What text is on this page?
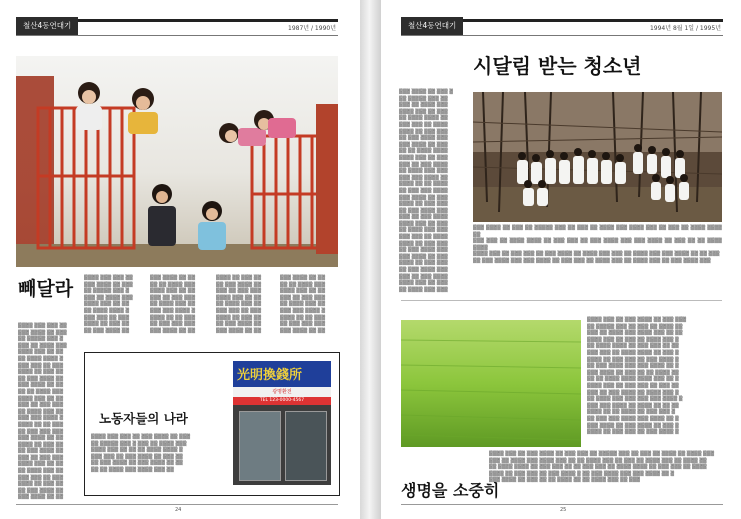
철산4동연대기	1987년 / 1990년
빼달라
▒▒▒▒ ▒▒▒ ▒▒▒ ▒▒
▒▒▒ ▒▒▒▒ ▒▒ ▒▒▒
▒▒ ▒▒▒▒▒ ▒▒▒ ▒
▒▒▒ ▒▒ ▒▒▒▒ ▒▒▒
▒▒▒▒ ▒▒▒ ▒▒ ▒▒
▒▒ ▒▒▒▒ ▒▒▒▒ ▒
▒▒▒ ▒▒▒ ▒▒ ▒▒▒
▒▒▒▒ ▒▒ ▒▒▒ ▒▒
▒▒ ▒▒▒ ▒▒▒▒ ▒▒
▒▒▒ ▒▒▒▒ ▒▒ ▒▒
▒▒ ▒▒ ▒▒▒▒ ▒▒▒
▒▒▒▒ ▒▒▒ ▒▒ ▒▒
▒▒▒ ▒▒ ▒▒▒ ▒▒▒
▒▒ ▒▒▒▒ ▒▒▒ ▒▒
▒▒▒ ▒▒▒ ▒▒▒▒ ▒
▒▒▒▒ ▒▒ ▒▒ ▒▒▒
▒▒ ▒▒▒ ▒▒▒ ▒▒▒
▒▒▒ ▒▒▒▒ ▒▒ ▒▒
▒▒▒▒ ▒▒ ▒▒▒ ▒▒
▒▒ ▒▒▒ ▒▒▒▒ ▒▒
▒▒▒ ▒▒ ▒▒▒ ▒▒▒
▒▒▒▒ ▒▒▒ ▒▒ ▒▒
▒▒ ▒▒▒▒ ▒▒▒ ▒▒
▒▒▒ ▒▒▒ ▒▒ ▒▒▒
▒▒▒▒ ▒▒ ▒▒▒ ▒▒
▒▒ ▒▒▒ ▒▒▒▒ ▒▒
▒▒▒ ▒▒▒▒ ▒▒ ▒▒
▒▒▒▒ ▒▒▒ ▒▒▒ ▒▒
▒▒▒ ▒▒▒▒ ▒▒ ▒▒▒
▒▒ ▒▒▒▒▒ ▒▒▒ ▒
▒▒▒ ▒▒ ▒▒▒▒ ▒▒▒
▒▒▒▒ ▒▒▒ ▒▒ ▒▒
▒▒ ▒▒▒▒ ▒▒▒▒ ▒
▒▒▒ ▒▒▒ ▒▒ ▒▒▒
▒▒▒▒ ▒▒ ▒▒▒ ▒▒
▒▒ ▒▒▒ ▒▒▒▒ ▒▒
▒▒▒ ▒▒▒▒ ▒▒ ▒▒
▒▒ ▒▒ ▒▒▒▒ ▒▒▒
▒▒▒▒ ▒▒▒ ▒▒ ▒▒
▒▒▒ ▒▒ ▒▒▒ ▒▒▒
▒▒ ▒▒▒▒ ▒▒▒ ▒▒
▒▒▒ ▒▒▒ ▒▒▒▒ ▒
▒▒▒▒ ▒▒ ▒▒ ▒▒▒
▒▒ ▒▒▒ ▒▒▒ ▒▒▒
▒▒▒ ▒▒▒▒ ▒▒ ▒▒
▒▒▒▒ ▒▒ ▒▒▒ ▒▒
▒▒ ▒▒▒ ▒▒▒▒ ▒▒
▒▒▒ ▒▒ ▒▒▒ ▒▒▒
▒▒▒▒ ▒▒▒ ▒▒ ▒▒
▒▒ ▒▒▒▒ ▒▒▒ ▒▒
▒▒▒ ▒▒▒ ▒▒ ▒▒▒
▒▒▒▒ ▒▒ ▒▒▒ ▒▒
▒▒ ▒▒▒ ▒▒▒▒ ▒▒
▒▒▒ ▒▒▒▒ ▒▒ ▒▒
▒▒▒ ▒▒▒▒ ▒▒ ▒▒
▒▒ ▒▒ ▒▒▒▒ ▒▒▒
▒▒▒▒ ▒▒▒ ▒▒ ▒▒
▒▒▒ ▒▒ ▒▒▒ ▒▒▒
▒▒ ▒▒▒▒ ▒▒▒ ▒▒
▒▒▒ ▒▒▒ ▒▒▒▒ ▒
▒▒▒▒ ▒▒ ▒▒ ▒▒▒
▒▒ ▒▒▒ ▒▒▒ ▒▒▒
▒▒▒ ▒▒▒▒ ▒▒ ▒▒
노동자들의 나라
▒▒▒▒ ▒▒▒ ▒▒▒ ▒▒ ▒▒▒ ▒▒▒▒ ▒▒ ▒▒▒
▒▒ ▒▒▒▒▒ ▒▒▒ ▒ ▒▒▒ ▒▒ ▒▒▒▒ ▒▒▒
▒▒▒▒ ▒▒▒ ▒▒ ▒▒ ▒▒ ▒▒▒▒ ▒▒▒▒ ▒
▒▒▒ ▒▒▒ ▒▒ ▒▒▒ ▒▒▒▒ ▒▒ ▒▒▒ ▒▒
▒▒ ▒▒▒ ▒▒▒▒ ▒▒ ▒▒▒ ▒▒▒▒ ▒▒ ▒▒
▒▒ ▒▒ ▒▒▒▒ ▒▒▒ ▒▒▒▒ ▒▒▒ ▒▒
光明換錢所
광명환전
TEL 123-0000-4567
24
철산4동연대기	1994년 8월 1일 / 1995년
시달림 받는 청소년
▒▒▒ ▒▒▒▒ ▒▒ ▒▒▒ ▒
▒▒ ▒▒▒▒▒ ▒▒▒ ▒▒
▒▒▒ ▒▒ ▒▒▒▒ ▒▒▒
▒▒▒▒ ▒▒▒ ▒▒ ▒▒▒
▒▒ ▒▒▒▒ ▒▒▒▒ ▒▒
▒▒▒ ▒▒▒ ▒▒ ▒▒▒▒
▒▒▒▒ ▒▒ ▒▒▒ ▒▒▒
▒▒ ▒▒▒ ▒▒▒▒ ▒▒▒
▒▒▒ ▒▒▒▒ ▒▒ ▒▒▒
▒▒ ▒▒ ▒▒▒▒ ▒▒▒▒
▒▒▒▒ ▒▒▒ ▒▒ ▒▒▒
▒▒▒ ▒▒ ▒▒▒ ▒▒▒▒
▒▒ ▒▒▒▒ ▒▒▒ ▒▒▒
▒▒▒ ▒▒▒ ▒▒▒▒ ▒▒
▒▒▒▒ ▒▒ ▒▒ ▒▒▒▒
▒▒ ▒▒▒ ▒▒▒ ▒▒▒▒
▒▒▒ ▒▒▒▒ ▒▒ ▒▒▒
▒▒▒▒ ▒▒ ▒▒▒ ▒▒▒
▒▒ ▒▒▒ ▒▒▒▒ ▒▒▒
▒▒▒ ▒▒ ▒▒▒ ▒▒▒▒
▒▒▒▒ ▒▒▒ ▒▒ ▒▒▒
▒▒ ▒▒▒▒ ▒▒▒ ▒▒▒
▒▒▒ ▒▒▒ ▒▒ ▒▒▒▒
▒▒▒▒ ▒▒ ▒▒▒ ▒▒▒
▒▒ ▒▒▒ ▒▒▒▒ ▒▒▒
▒▒▒ ▒▒▒▒ ▒▒ ▒▒▒
▒▒▒▒ ▒▒ ▒▒▒ ▒▒▒
▒▒ ▒▒▒ ▒▒▒▒ ▒▒▒
▒▒▒ ▒▒ ▒▒▒ ▒▒▒▒
▒▒▒▒ ▒▒▒ ▒▒ ▒▒▒
▒▒ ▒▒▒▒ ▒▒▒ ▒▒▒
▒▒▒ ▒▒▒▒ ▒▒ ▒▒▒ ▒▒ ▒▒▒▒▒ ▒▒▒ ▒▒ ▒▒▒ ▒▒ ▒▒▒▒ ▒▒▒ ▒▒▒▒ ▒▒▒ ▒▒ ▒▒▒ ▒▒ ▒▒▒▒ ▒▒▒▒ ▒▒
▒▒▒ ▒▒▒ ▒▒ ▒▒▒▒ ▒▒▒▒ ▒▒ ▒▒▒ ▒▒▒ ▒▒ ▒▒▒ ▒▒▒▒ ▒▒▒ ▒▒▒ ▒▒▒▒ ▒▒ ▒▒▒ ▒▒ ▒▒ ▒▒▒▒ ▒▒▒▒
▒▒▒▒ ▒▒▒ ▒▒ ▒▒▒ ▒▒▒ ▒▒ ▒▒▒ ▒▒▒▒ ▒▒ ▒▒▒▒ ▒▒▒ ▒▒▒ ▒▒ ▒▒▒▒ ▒▒▒ ▒▒▒ ▒▒▒▒ ▒▒ ▒▒ ▒▒▒
▒▒ ▒▒▒ ▒▒▒▒ ▒▒▒ ▒▒▒ ▒▒▒▒ ▒▒ ▒▒▒ ▒▒▒ ▒▒ ▒▒▒▒ ▒▒▒ ▒▒ ▒▒▒▒ ▒▒▒ ▒▒ ▒▒▒ ▒▒▒▒ ▒▒▒
▒▒▒▒ ▒▒▒ ▒▒ ▒▒▒ ▒▒▒▒ ▒▒ ▒▒▒ ▒▒▒
▒▒ ▒▒▒▒▒ ▒▒▒ ▒▒ ▒▒▒ ▒▒ ▒▒▒▒ ▒▒
▒▒▒ ▒▒ ▒▒▒▒ ▒▒▒ ▒▒▒▒ ▒▒▒ ▒▒ ▒▒
▒▒▒▒ ▒▒▒ ▒▒ ▒▒▒ ▒▒ ▒▒▒▒ ▒▒▒ ▒
▒▒ ▒▒▒▒ ▒▒▒▒ ▒▒ ▒▒▒ ▒▒▒ ▒▒ ▒▒
▒▒▒ ▒▒▒ ▒▒ ▒▒▒▒ ▒▒▒▒ ▒▒ ▒▒▒ ▒
▒▒▒▒ ▒▒ ▒▒▒ ▒▒▒ ▒▒ ▒▒▒ ▒▒▒▒ ▒
▒▒ ▒▒▒ ▒▒▒▒ ▒▒▒ ▒▒▒ ▒▒▒▒ ▒▒ ▒
▒▒▒ ▒▒▒▒ ▒▒ ▒▒▒ ▒▒ ▒▒ ▒▒▒▒ ▒▒
▒▒ ▒▒ ▒▒▒▒ ▒▒▒▒ ▒▒▒▒ ▒▒▒ ▒▒ ▒
▒▒▒▒ ▒▒▒ ▒▒ ▒▒▒ ▒▒▒ ▒▒ ▒▒▒ ▒▒
▒▒▒ ▒▒ ▒▒▒ ▒▒▒▒ ▒▒ ▒▒▒▒ ▒▒▒ ▒
▒▒ ▒▒▒▒ ▒▒▒ ▒▒▒ ▒▒▒ ▒▒▒ ▒▒▒▒ ▒
▒▒▒ ▒▒▒ ▒▒▒▒ ▒▒ ▒▒▒▒ ▒▒ ▒▒ ▒▒
▒▒▒▒ ▒▒ ▒▒ ▒▒▒▒ ▒▒ ▒▒▒ ▒▒▒ ▒
▒▒ ▒▒▒ ▒▒▒ ▒▒▒▒ ▒▒▒ ▒▒▒▒ ▒▒ ▒
▒▒▒ ▒▒▒▒ ▒▒ ▒▒▒ ▒▒▒▒ ▒▒ ▒▒▒ ▒
▒▒▒▒ ▒▒ ▒▒▒ ▒▒▒ ▒▒ ▒▒▒ ▒▒▒▒ ▒
생명을 소중히
▒▒▒▒ ▒▒▒ ▒▒ ▒▒▒ ▒▒▒▒ ▒▒ ▒▒▒ ▒▒▒ ▒▒ ▒▒▒▒▒ ▒▒▒ ▒▒ ▒▒▒ ▒▒ ▒▒▒▒ ▒▒ ▒▒▒▒ ▒▒▒
▒▒▒ ▒▒ ▒▒▒▒ ▒▒▒ ▒▒▒▒ ▒▒▒ ▒▒ ▒▒ ▒▒▒▒ ▒▒▒ ▒▒ ▒▒▒ ▒▒ ▒▒▒▒ ▒▒▒ ▒▒ ▒▒▒▒ ▒▒
▒▒ ▒▒▒▒ ▒▒▒▒ ▒▒ ▒▒▒ ▒▒▒ ▒▒ ▒▒ ▒▒▒ ▒▒▒ ▒▒ ▒▒▒▒ ▒▒▒▒ ▒▒ ▒▒▒ ▒▒▒ ▒▒ ▒▒▒▒
▒▒▒▒ ▒▒ ▒▒▒ ▒▒▒ ▒▒ ▒▒▒ ▒▒▒▒ ▒ ▒▒ ▒▒▒ ▒▒▒▒ ▒▒▒ ▒▒▒ ▒▒▒▒ ▒▒ ▒
▒▒▒ ▒▒▒▒ ▒▒ ▒▒▒ ▒▒ ▒▒ ▒▒▒▒ ▒▒ ▒▒ ▒▒▒▒ ▒▒▒ ▒▒ ▒▒▒
25
